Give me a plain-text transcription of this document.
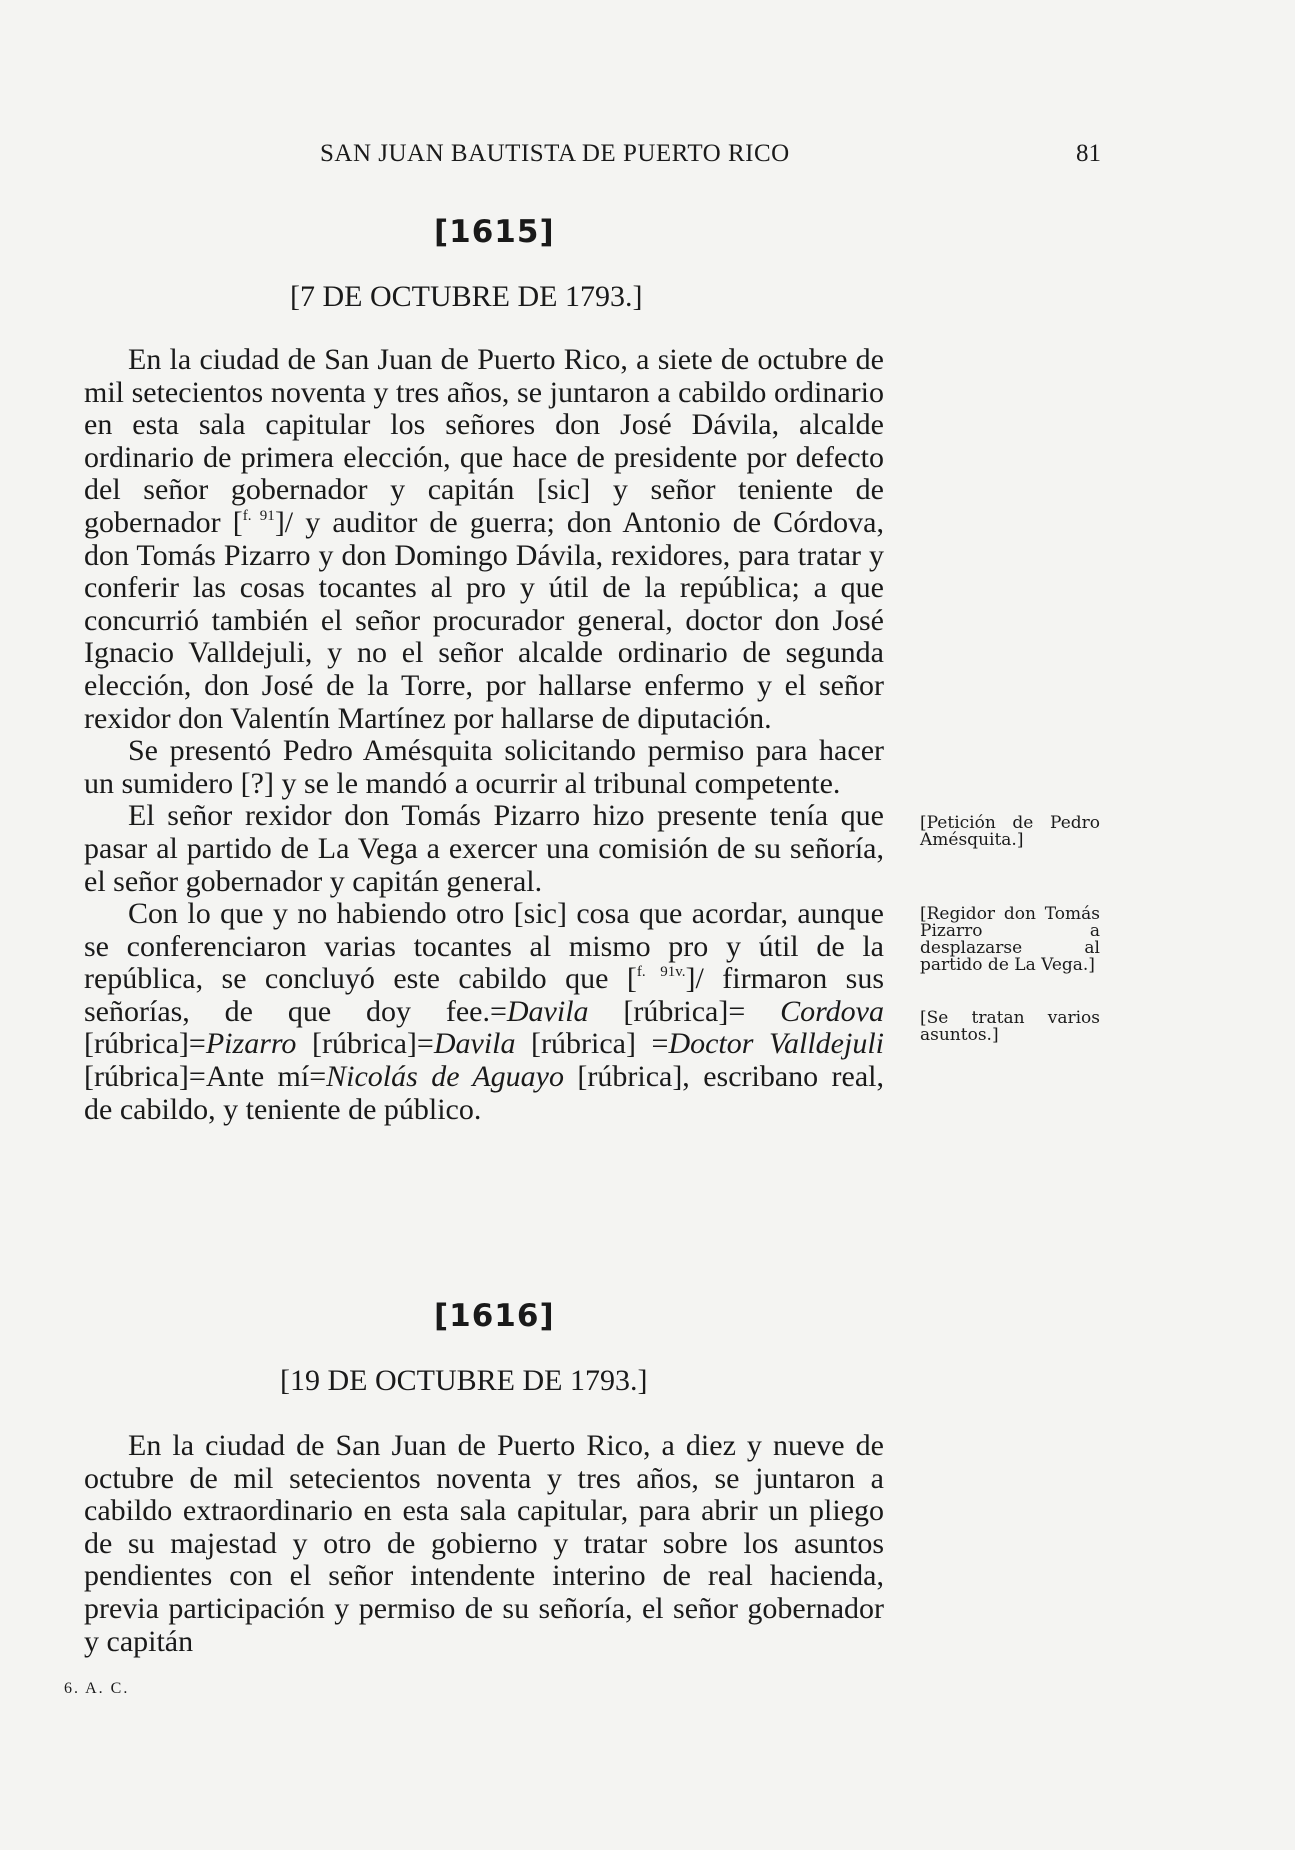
SAN JUAN BAUTISTA DE PUERTO RICO	81
[1615]
[7 DE OCTUBRE DE 1793.]

En la ciudad de San Juan de Puerto Rico, a siete de octubre de mil setecientos noventa y tres años, se juntaron a cabildo ordinario en esta sala capitular los señores don José Dávila, alcalde ordinario de primera elección, que hace de presidente por defecto del señor gobernador y capitán [sic] y señor teniente de gobernador [$^{f. 91}$]/ y auditor de guerra; don Antonio de Córdova, don Tomás Pizarro y don Domingo Dávila, rexidores, para tratar y conferir las cosas tocantes al pro y útil de la república; a que concurrió también el señor procurador general, doctor don José Ignacio Valldejuli, y no el señor alcalde ordinario de segunda elección, don José de la Torre, por hallarse enfermo y el señor rexidor don Valentín Martínez por hallarse de diputación.

Se presentó Pedro Amésquita solicitando permiso para hacer un sumidero [?] y se le mandó a ocurrir al tribunal competente.

El señor rexidor don Tomás Pizarro hizo presente tenía que pasar al partido de La Vega a exercer una comisión de su señoría, el señor gobernador y capitán general.

Con lo que y no habiendo otro [sic] cosa que acordar, aunque se conferenciaron varias tocantes al mismo pro y útil de la república, se concluyó este cabildo que [$^{f. 91v.}$]/ firmaron sus señorías, de que doy fee.=Davila [rúbrica]= Cordova [rúbrica]=Pizarro [rúbrica]=Davila [rúbrica] =Doctor Valldejuli [rúbrica]=Ante mí=Nicolás de Aguayo [rúbrica], escribano real, de cabildo, y teniente de público.

[Petición de Pedro Amésquita.]
[Regidor don Tomás Pizarro a desplazarse al partido de La Vega.]
[Se tratan varios asuntos.]
[1616]
[19 DE OCTUBRE DE 1793.]

En la ciudad de San Juan de Puerto Rico, a diez y nueve de octubre de mil setecientos noventa y tres años, se juntaron a cabildo extraordinario en esta sala capitular, para abrir un pliego de su majestad y otro de gobierno y tratar sobre los asuntos pendientes con el señor intendente interino de real hacienda, previa participación y permiso de su señoría, el señor gobernador y capitán

6. A. C.
